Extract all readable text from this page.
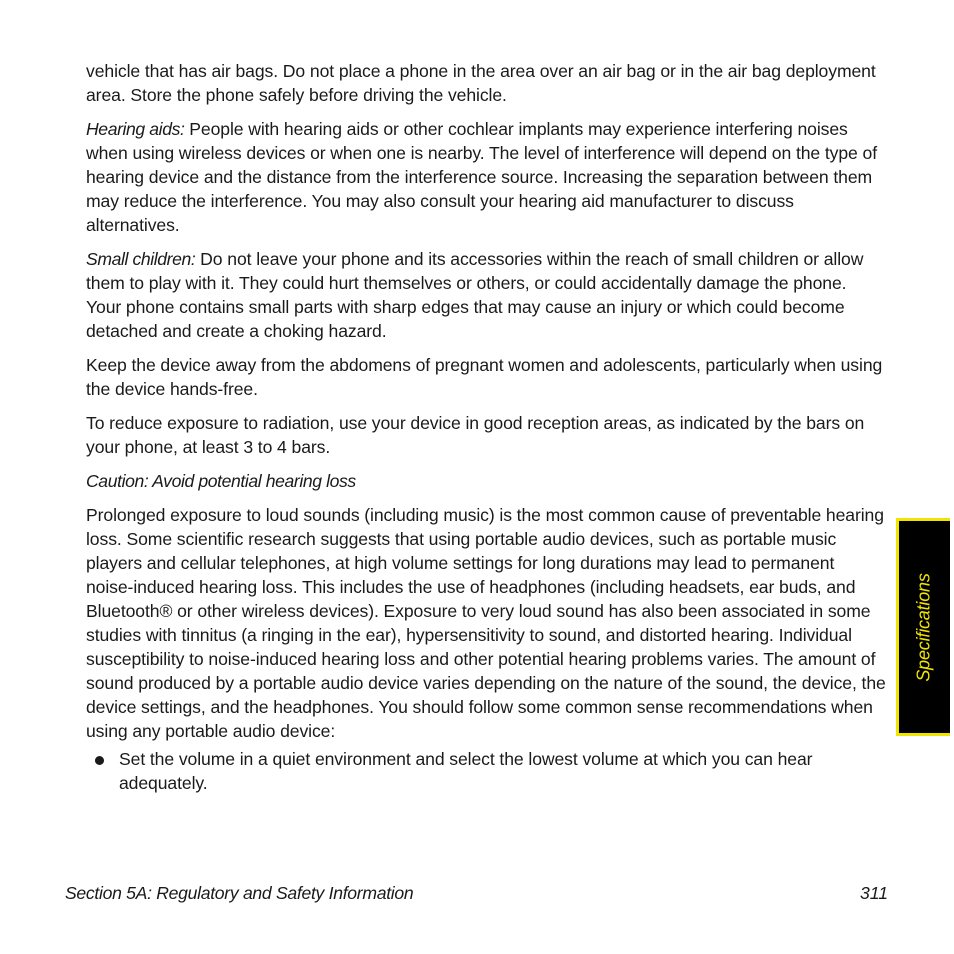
vehicle that has air bags. Do not place a phone in the area over an air bag or in the air bag deployment area. Store the phone safely before driving the vehicle.

Hearing aids: People with hearing aids or other cochlear implants may experience interfering noises when using wireless devices or when one is nearby. The level of interference will depend on the type of hearing device and the distance from the interference source. Increasing the separation between them may reduce the interference. You may also consult your hearing aid manufacturer to discuss alternatives.

Small children: Do not leave your phone and its accessories within the reach of small children or allow them to play with it. They could hurt themselves or others, or could accidentally damage the phone. Your phone contains small parts with sharp edges that may cause an injury or which could become detached and create a choking hazard.

Keep the device away from the abdomens of pregnant women and adolescents, particularly when using the device hands-free.

To reduce exposure to radiation, use your device in good reception areas, as indicated by the bars on your phone, at least 3 to 4 bars.

Caution: Avoid potential hearing loss

Prolonged exposure to loud sounds (including music) is the most common cause of preventable hearing loss. Some scientific research suggests that using portable audio devices, such as portable music players and cellular telephones, at high volume settings for long durations may lead to permanent noise-induced hearing loss. This includes the use of headphones (including headsets, ear buds, and Bluetooth® or other wireless devices). Exposure to very loud sound has also been associated in some studies with tinnitus (a ringing in the ear), hypersensitivity to sound, and distorted hearing. Individual susceptibility to noise-induced hearing loss and other potential hearing problems varies. The amount of sound produced by a portable audio device varies depending on the nature of the sound, the device, the device settings, and the headphones. You should follow some common sense recommendations when using any portable audio device:

Set the volume in a quiet environment and select the lowest volume at which you can hear adequately.
Specifications
Section 5A: Regulatory and Safety Information	311
